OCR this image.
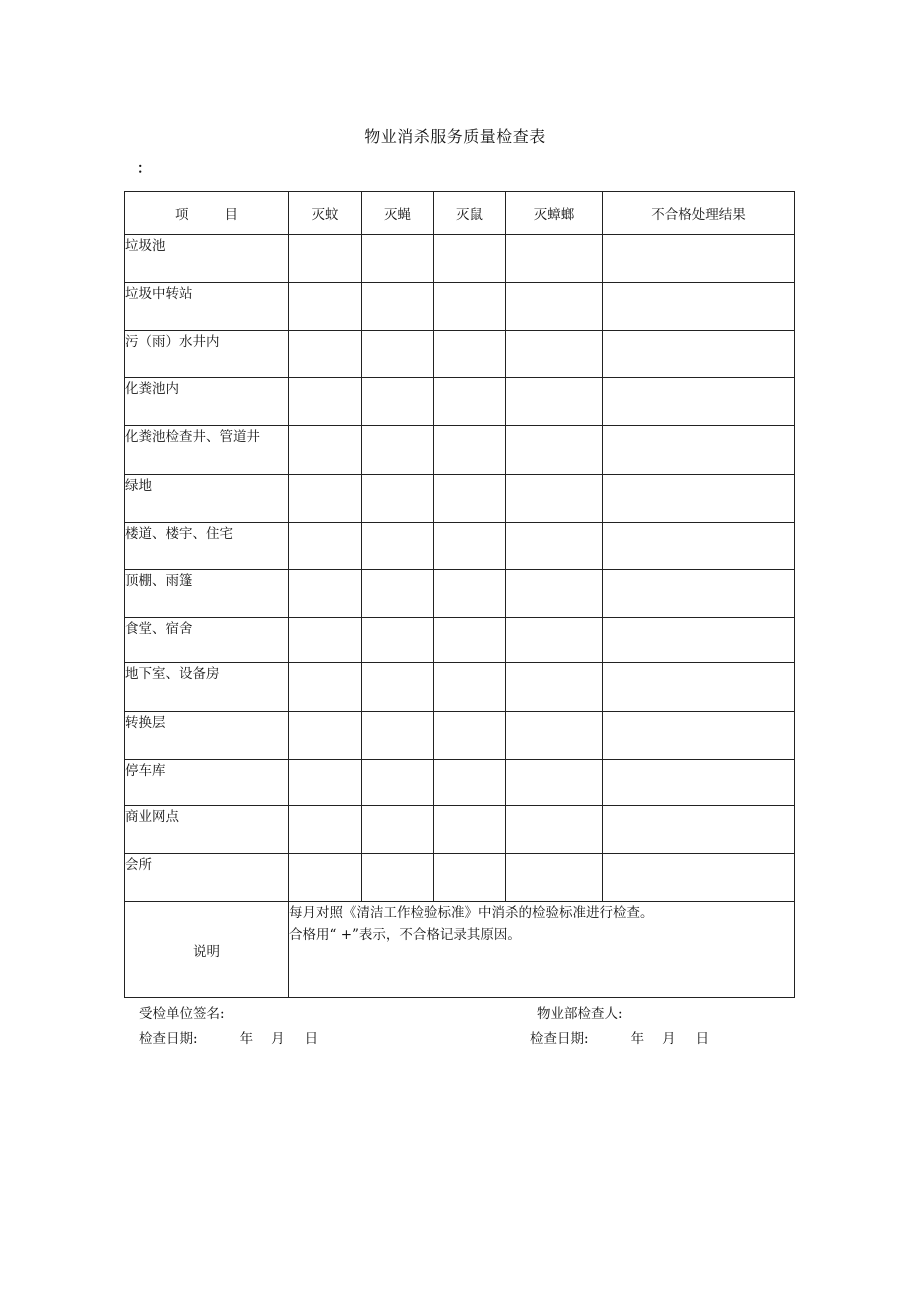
物业消杀服务质量检查表
：
项 目	灭蚊	灭蝇	灭鼠	灭蟑螂	不合格处理结果
垃圾池					
垃圾中转站					
污（雨）水井内					
化粪池内					
化粪池检查井、管道井					
绿地					
楼道、楼宇、住宅					
顶棚、雨篷					
食堂、宿舍					
地下室、设备房					
转换层					
停车库					
商业网点					
会所					
说明	每月对照《清洁工作检验标准》中消杀的检验标准进行检查。
合格用“ +”表示，不合格记录其原因。				
受检单位签名:	物业部检查人:
检查日期:	年 月 日	检查日期:	年 月 日
